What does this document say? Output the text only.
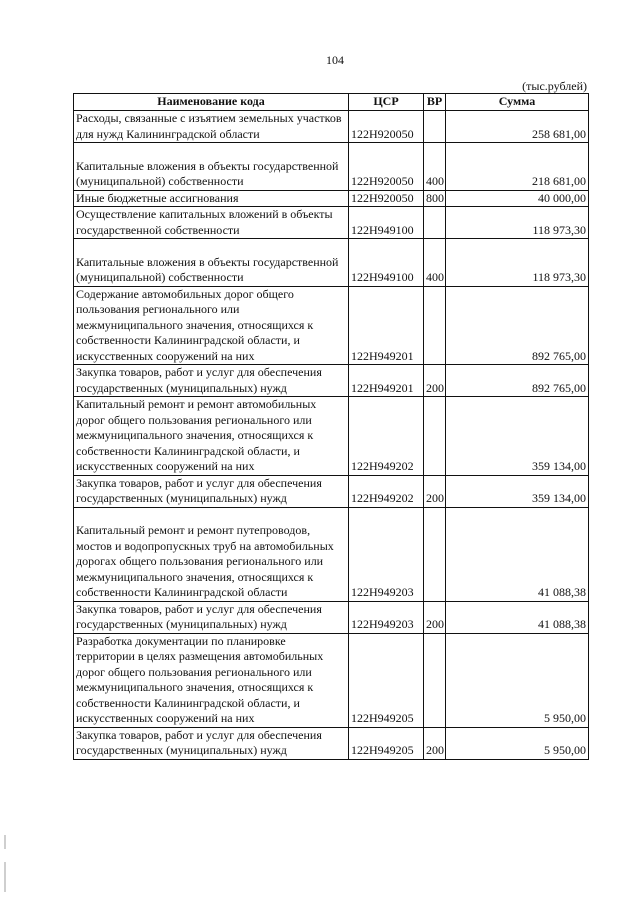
104
(тыс.рублей)
Наименование кода	ЦСР	ВР	Сумма
Расходы, связанные с изъятием земельных участков для нужд Калининградской области	122Н920050		258 681,00

Капитальные вложения в объекты государственной (муниципальной) собственности	122Н920050	400	218 681,00
Иные бюджетные ассигнования	122Н920050	800	40 000,00
Осуществление капитальных вложений в объекты государственной собственности	122Н949100		118 973,30

Капитальные вложения в объекты государственной (муниципальной) собственности	122Н949100	400	118 973,30
Содержание автомобильных дорог общего пользования регионального или межмуниципального значения, относящихся к собственности Калининградской области, и искусственных сооружений на них	122Н949201		892 765,00
Закупка товаров, работ и услуг для обеспечения государственных (муниципальных) нужд	122Н949201	200	892 765,00
Капитальный ремонт и ремонт автомобильных дорог общего пользования регионального или межмуниципального значения, относящихся к собственности Калининградской области, и искусственных сооружений на них	122Н949202		359 134,00
Закупка товаров, работ и услуг для обеспечения государственных (муниципальных) нужд	122Н949202	200	359 134,00

Капитальный ремонт и ремонт путепроводов, мостов и водопропускных труб на автомобильных дорогах общего пользования регионального или межмуниципального значения, относящихся к собственности Калининградской области	122Н949203		41 088,38
Закупка товаров, работ и услуг для обеспечения государственных (муниципальных) нужд	122Н949203	200	41 088,38
Разработка документации по планировке территории в целях размещения автомобильных дорог общего пользования регионального или межмуниципального значения, относящихся к собственности Калининградской области, и искусственных сооружений на них	122Н949205		5 950,00
Закупка товаров, работ и услуг для обеспечения государственных (муниципальных) нужд	122Н949205	200	5 950,00
